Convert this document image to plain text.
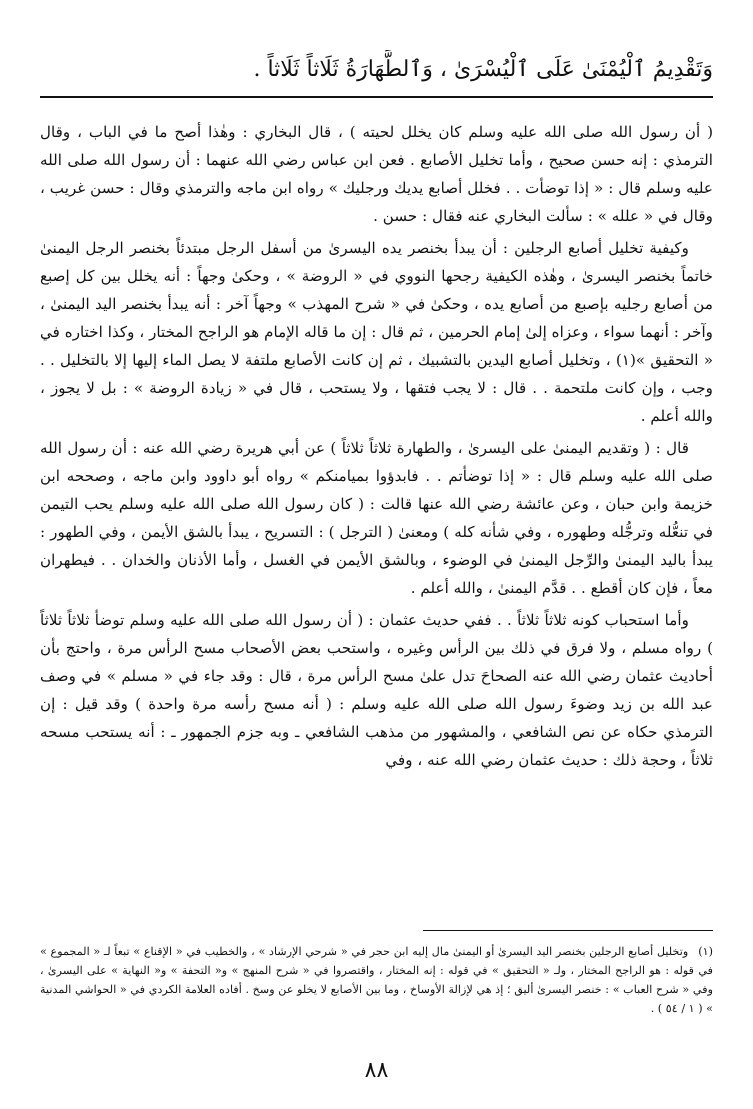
وَتَقْدِيمُ ٱلْيُمْنَىٰ عَلَى ٱلْيُسْرَىٰ ، وَٱلطَّهَارَةُ ثَلَاثاً ثَلَاثاً .

( أن رسول الله صلى الله عليه وسلم كان يخلل لحيته ) ، قال البخاري : وهٰذا أصح ما في الباب ، وقال الترمذي : إنه حسن صحيح ، وأما تخليل الأصابع . فعن ابن عباس رضي الله عنهما : أن رسول الله صلى الله عليه وسلم قال : « إذا توضأت . . فخلل أصابع يديك ورجليك » رواه ابن ماجه والترمذي وقال : حسن غريب ، وقال في « علله » : سألت البخاري عنه فقال : حسن .

وكيفية تخليل أصابع الرجلين : أن يبدأ بخنصر يده اليسرىٰ من أسفل الرجل مبتدئاً بخنصر الرجل اليمنىٰ خاتماً بخنصر اليسرىٰ ، وهٰذه الكيفية رجحها النووي في « الروضة » ، وحكىٰ وجهاً : أنه يخلل بين كل إصبع من أصابع رجليه بإصبع من أصابع يده ، وحكىٰ في « شرح المهذب » وجهاً آخر : أنه يبدأ بخنصر اليد اليمنىٰ ، وآخر : أنهما سواء ، وعزاه إلىٰ إمام الحرمين ، ثم قال : إن ما قاله الإمام هو الراجح المختار ، وكذا اختاره في « التحقيق »(١) ، وتخليل أصابع اليدين بالتشبيك ، ثم إن كانت الأصابع ملتفة لا يصل الماء إليها إلا بالتخليل . . وجب ، وإن كانت ملتحمة . . قال : لا يجب فتقها ، ولا يستحب ، قال في « زيادة الروضة » : بل لا يجوز ، والله أعلم .

قال : ( وتقديم اليمنىٰ على اليسرىٰ ، والطهارة ثلاثاً ثلاثاً ) عن أبي هريرة رضي الله عنه : أن رسول الله صلى الله عليه وسلم قال : « إذا توضأتم . . فابدؤوا بميامنكم » رواه أبو داوود وابن ماجه ، وصححه ابن خزيمة وابن حبان ، وعن عائشة رضي الله عنها قالت : ( كان رسول الله صلى الله عليه وسلم يحب التيمن في تنعُّله وترجُّله وطهوره ، وفي شأنه كله ) ومعنىٰ ( الترجل ) : التسريح ، يبدأ بالشق الأيمن ، وفي الطهور : يبدأ باليد اليمنىٰ والرِّجل اليمنىٰ في الوضوء ، وبالشق الأيمن في الغسل ، وأما الأذنان والخدان . . فيطهران معاً ، فإن كان أقطع . . قدَّم اليمنىٰ ، والله أعلم .

وأما استحباب كونه ثلاثاً ثلاثاً . . ففي حديث عثمان : ( أن رسول الله صلى الله عليه وسلم توضأ ثلاثاً ثلاثاً ) رواه مسلم ، ولا فرق في ذلك بين الرأس وغيره ، واستحب بعض الأصحاب مسح الرأس مرة ، واحتج بأن أحاديث عثمان رضي الله عنه الصحاحَ تدل علىٰ مسح الرأس مرة ، قال : وقد جاء في « مسلم » في وصف عبد الله بن زيد وضوءَ رسول الله صلى الله عليه وسلم : ( أنه مسح رأسه مرة واحدة ) وقد قيل : إن الترمذي حكاه عن نص الشافعي ، والمشهور من مذهب الشافعي ـ وبه جزم الجمهور ـ : أنه يستحب مسحه ثلاثاً ، وحجة ذلك : حديث عثمان رضي الله عنه ، وفي

(١)وتخليل أصابع الرجلين بخنصر اليد اليسرىٰ أو اليمنىٰ مال إليه ابن حجر في « شرحي الإرشاد » ، والخطيب في « الإقناع » تبعاً لـ « المجموع » في قوله : هو الراجح المختار ، ولـ « التحقيق » في قوله : إنه المختار ، واقتصروا في « شرح المنهج » و« التحفة » و« النهاية » على اليسرىٰ ، وفي « شرح العباب » : خنصر اليسرىٰ أليق ؛ إذ هي لإزالة الأوساخ ، وما بين الأصابع لا يخلو عن وسخ . أفاده العلامة الكردي في « الحواشي المدنية » ( ١ / ٥٤ ) .
٨٨
